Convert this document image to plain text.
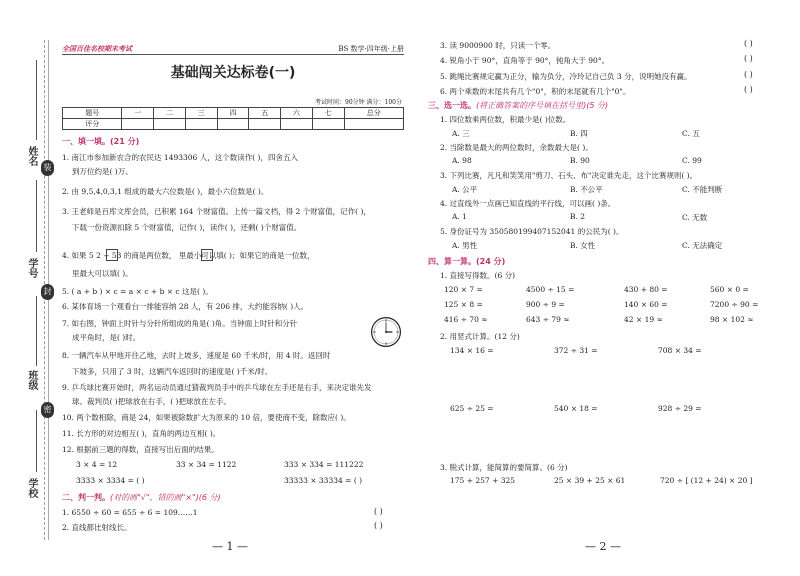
姓名
学号
班级
学校
装
封
密
全国百佳名校期末考试	BS 数学·四年级·上册
基础闯关达标卷(一)
考试时间：90分钟 满分：100分
题号	一	二	三	四	五	六	七	总分
评分								
一、填一填。(21 分)
1. 南江市参加新农合的农民达 1493306 人，这个数读作( )，四舍五入
到万位约是( )万。
2. 由 9,5,4,0,3,1 组成的最大六位数是( )，最小六位数是( )。
3. 王老师是百库文库会员，已积累 164 个财富值。上传一篇文档，得 2 个财富值，记作( )，
下载一份资源扣除 5 个财富值，记作( )，读作( )，还剩( )个财富值。
4. 如果 5 2 + 53 的商是两位数， 里最小可以填( )；如果它的商是一位数，
里最大可以填( )。
5. ( a + b ) × c = a × c + b × c 这是( )。
6. 某体育场一个观看台一排能容纳 28 人，有 206 排，大约能容纳( )人。
7. 如右图，钟面上时针与分针所组成的角是( )角。当钟面上时针和分针
成平角时，是( )时。
8. 一辆汽车从甲地开往乙地，去时上坡多，速度是 60 千米/时，用 4 时。返回时
下坡多，只用了 3 时，这辆汽车返回时的速度是( )千米/时。
9. 乒乓球比赛开始时，两名运动员通过猜裁判员手中的乒乓球在左手还是右手，来决定谁先发
球。裁判员( )把球放在右手，( )把球放在左手。
10. 两个数相除，商是 24，如果被除数扩大为原来的 10 倍，要使商不变，除数应( )。
11. 长方形的对边相互( )，直角的两边互相( )。
12. 根据前三题的得数，直接写出后面的结果。
3 × 4 = 12	33 × 34 = 1122	333 × 334 = 111222
3333 × 3334 = ( )	33333 × 33334 = ( )
二、判一判。(对的画"√"，错的画"×")(6 分)
1. 6550 ÷ 60 = 655 ÷ 6 = 109……1	( )
2. 直线都比射线长。	( )
— 1 —
3. 读 9000900 时，只读一个零。	( )
4. 锐角小于 90°，直角等于 90°，钝角大于 90°。	( )
5. 跳绳比赛规定赢为正分，输为负分，冷玲记自己负 3 分，说明她没有赢。	( )
6. 两个乘数的末尾共有几个"0"，积的末尾就有几个"0"。	( )
三、选一选。(将正确答案的序号填在括号里)(5 分)
1. 四位数乘两位数，积最少是( )位数。
A. 三	B. 四	C. 五
2. 当除数是最大的两位数时，余数最大是( )。
A. 98	B. 90	C. 99
3. 下列比赛，凡凡和笑笑用"剪刀、石头、布"决定谁先走，这个比赛规则( )。
A. 公平	B. 不公平	C. 不能判断
4. 过直线外一点画已知直线的平行线，可以画( )条。
A. 1	B. 2	C. 无数
5. 身份证号为 350580199407152041 的公民为( )。
A. 男性	B. 女性	C. 无法确定
四、算一算。(24 分)
1. 直接写得数。(6 分)
120 × 7 =	4500 ÷ 15 =	430 + 80 =	560 × 0 =
125 × 8 =	900 ÷ 9 =	140 × 60 =	7200 ÷ 90 =
416 ÷ 70 ≈	643 ÷ 79 ≈	42 × 19 ≈	98 × 102 ≈
2. 用竖式计算。(12 分)
134 × 16 =	372 ÷ 31 =	708 × 34 =
625 ÷ 25 =	540 × 18 =	928 ÷ 29 =
3. 脱式计算，能简算的要简算。(6 分)
175 + 257 + 325	25 × 39 + 25 × 61	720 ÷ [ (12 + 24) × 20 ]
— 2 —
